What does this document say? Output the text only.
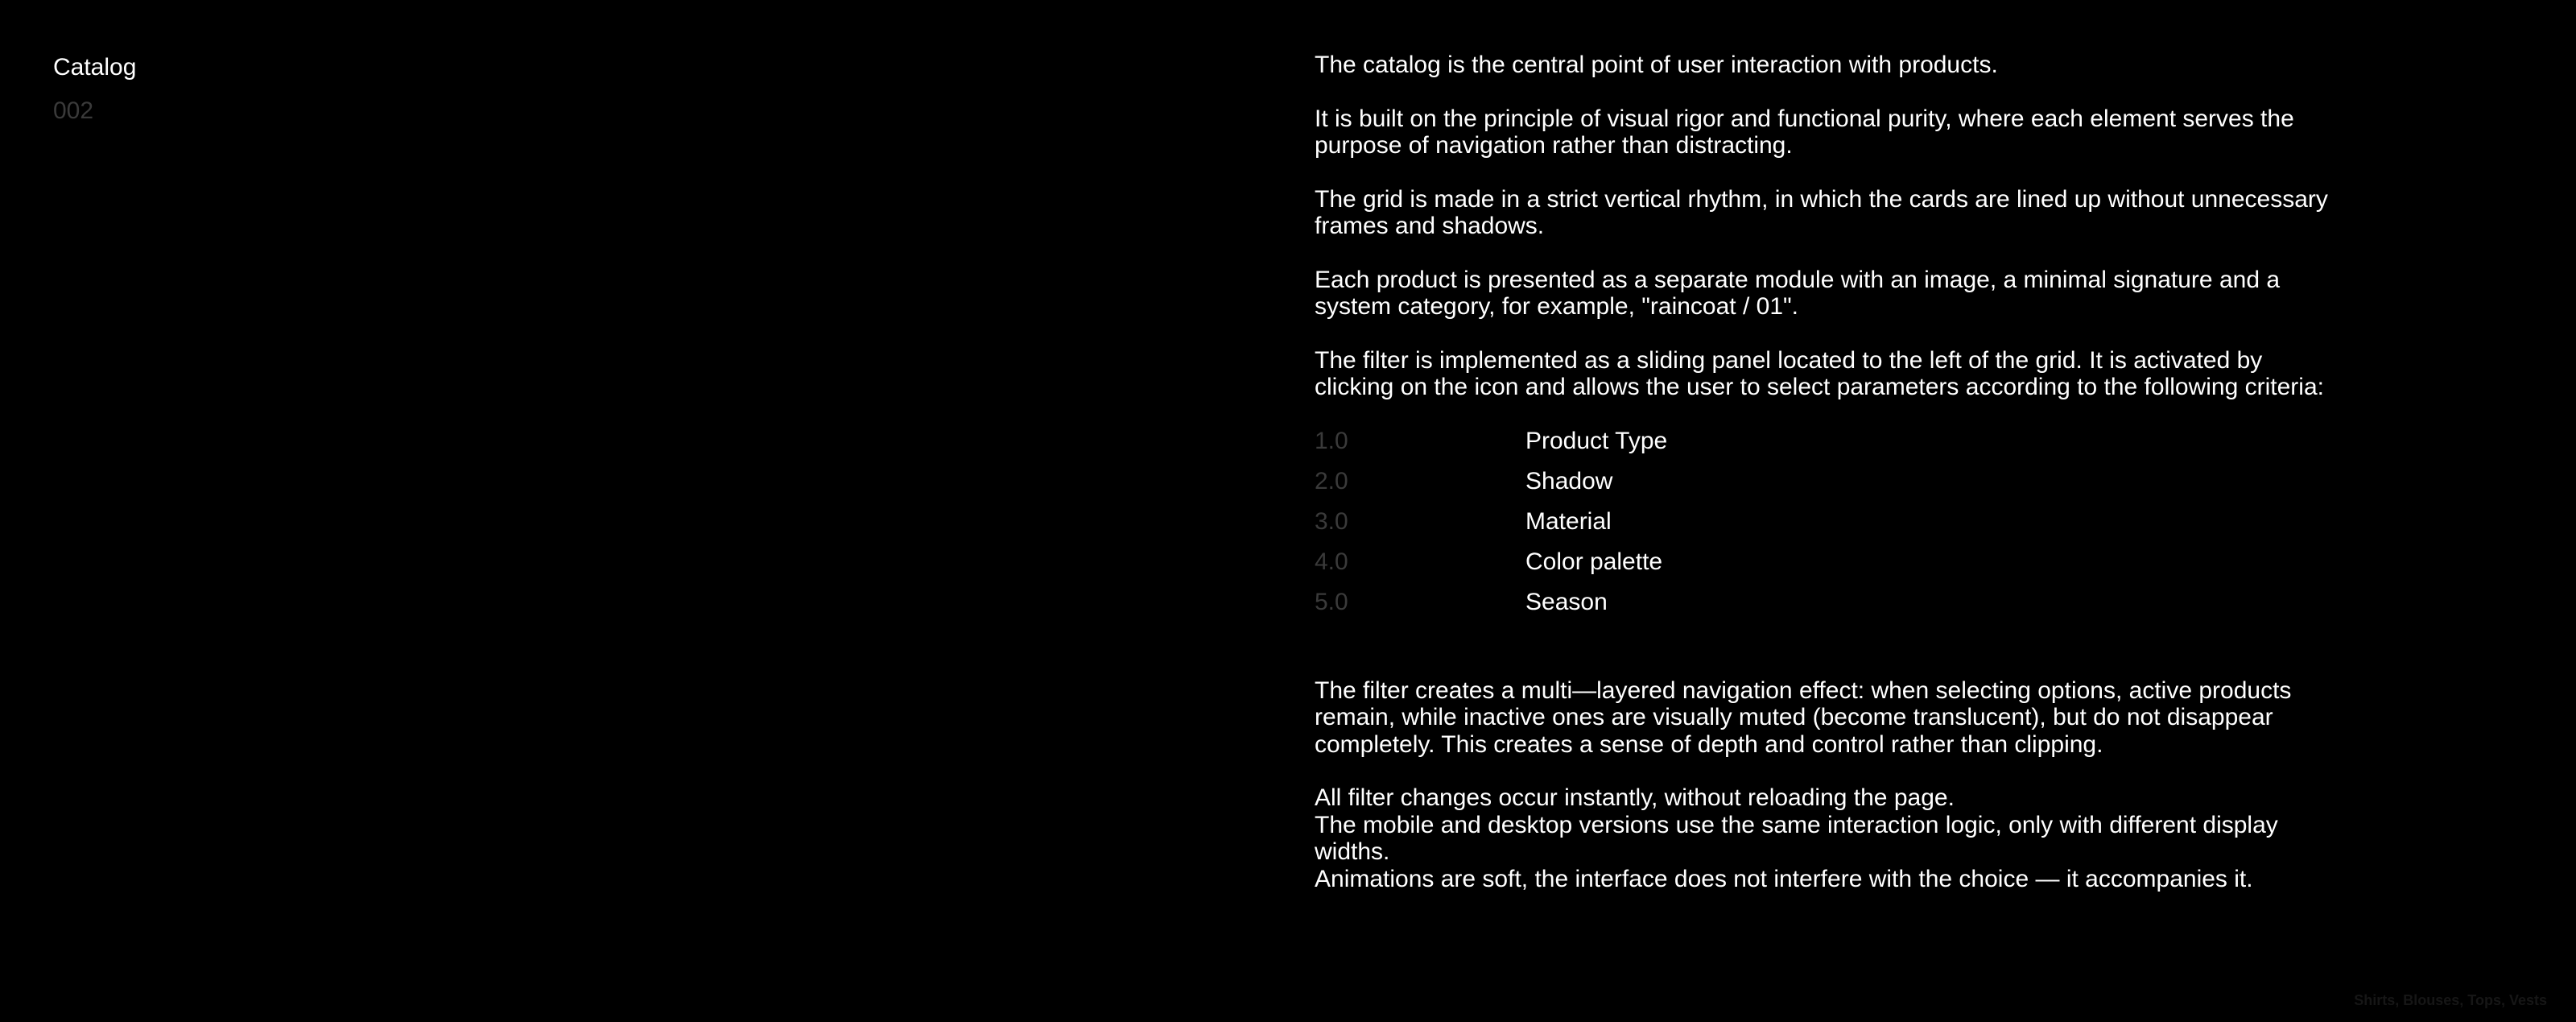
Catalog
002

The catalog is the central point of user interaction with products.

It is built on the principle of visual rigor and functional purity, where each element serves the purpose of navigation rather than distracting.

The grid is made in a strict vertical rhythm, in which the cards are lined up without unnecessary frames and shadows.

Each product is presented as a separate module with an image, a minimal signature and a system category, for example, "raincoat / 01".

The filter is implemented as a sliding panel located to the left of the grid. It is activated by clicking on the icon and allows the user to select parameters according to the following criteria:

1.0	Product Type
2.0	Shadow
3.0	Material
4.0	Color palette
5.0	Season

The filter creates a multi—layered navigation effect: when selecting options, active products remain, while inactive ones are visually muted (become translucent), but do not disappear completely. This creates a sense of depth and control rather than clipping.

All filter changes occur instantly, without reloading the page.

The mobile and desktop versions use the same interaction logic, only with different display widths.

Animations are soft, the interface does not interfere with the choice — it accompanies it.

Shirts, Blouses, Tops, Vests
